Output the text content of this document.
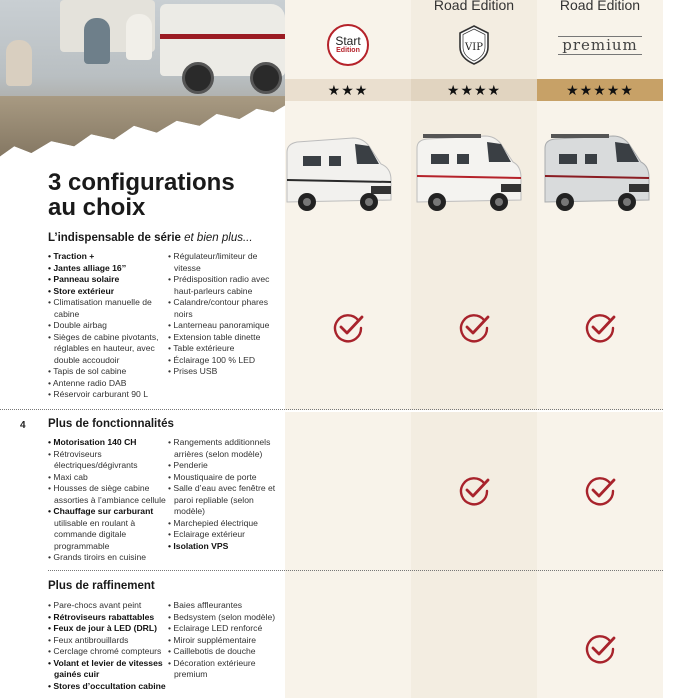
Road Edition	Road Edition
Start
Edition	VIP	premium
★★★	★★★★	★★★★★
3 configurations
au choix
4
L’indispensable de série et bien plus...
• Traction +
• Jantes alliage 16’’
• Panneau solaire
• Store extérieur
• Climatisation manuelle de cabine
• Double airbag
• Sièges de cabine pivotants, réglables en hauteur, avec double accoudoir
• Tapis de sol cabine
• Antenne radio DAB
• Réservoir carburant 90 L
• Régulateur/limiteur de vitesse
• Prédisposition radio avec haut-parleurs cabine
• Calandre/contour phares noirs
• Lanterneau panoramique
• Extension table dinette
• Table extérieure
• Éclairage 100 % LED
• Prises USB
Plus de fonctionnalités
• Motorisation 140 CH
• Rétroviseurs électriques/dégivrants
• Maxi cab
• Housses de siège cabine assorties à l’ambiance cellule
• Chauffage sur carburant
utilisable en roulant à commande digitale programmable
• Grands tiroirs en cuisine
• Rangements additionnels arrières (selon modèle)
• Penderie
• Moustiquaire de porte
• Salle d’eau avec fenêtre et paroi repliable (selon modèle)
• Marchepied électrique
• Eclairage extérieur
• Isolation VPS
Plus de raffinement
• Pare-chocs avant peint
• Rétroviseurs rabattables
• Feux de jour à LED (DRL)
• Feux antibrouillards
• Cerclage chromé compteurs
• Volant et levier de vitesses gainés cuir
• Stores d’occultation cabine
• Baies affleurantes
• Bedsystem (selon modèle)
• Eclairage LED renforcé
• Miroir supplémentaire
• Caillebotis de douche
• Décoration extérieure premium
